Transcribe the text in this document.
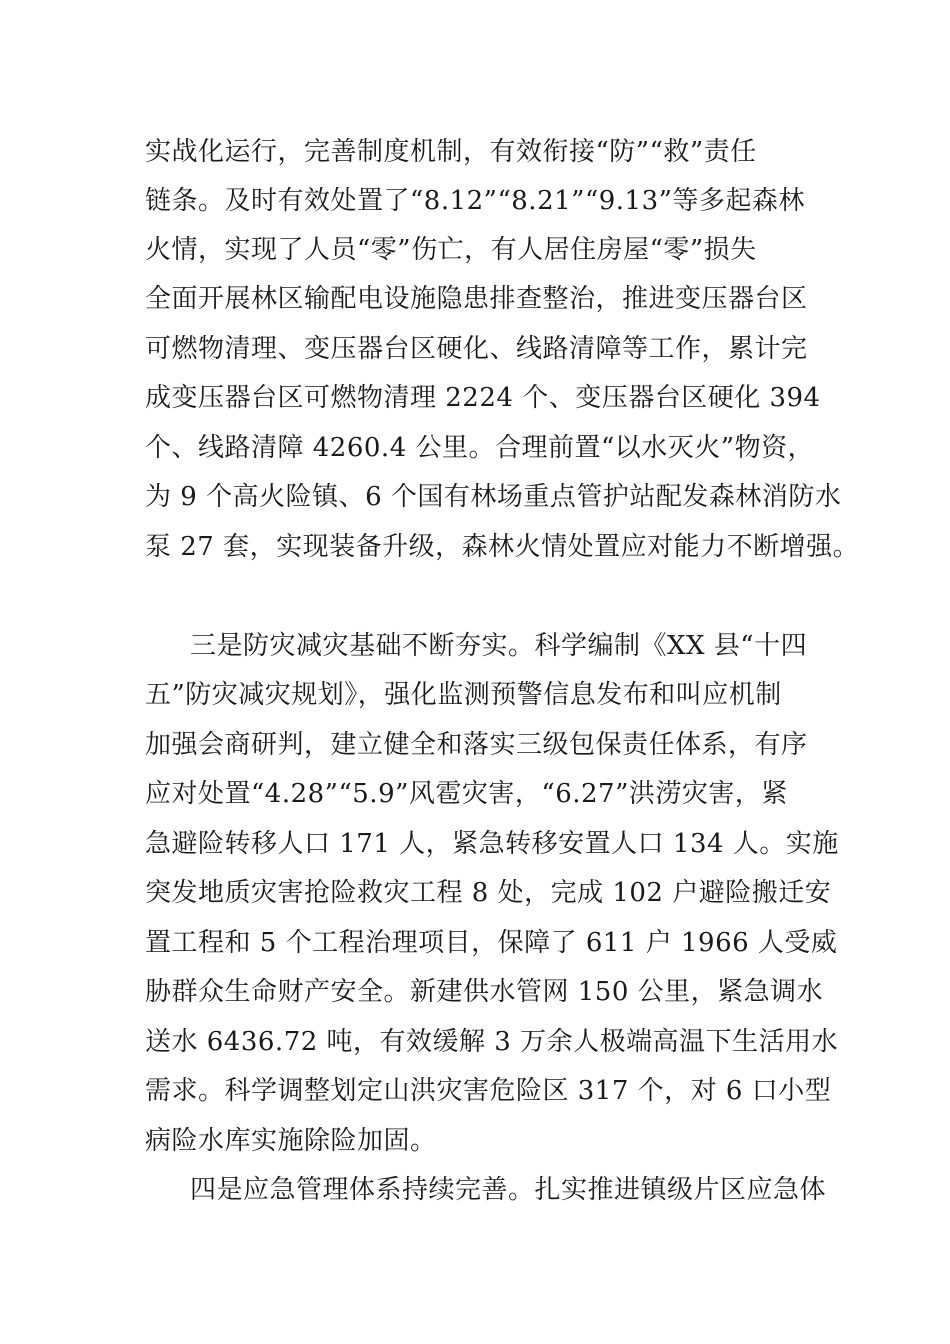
实战化运行，完善制度机制，有效衔接“防”“救”责任
链条。及时有效处置了“8.12”“8.21”“9.13”等多起森林
火情，实现了人员“零”伤亡，有人居住房屋“零”损失
全面开展林区输配电设施隐患排查整治，推进变压器台区
可燃物清理、变压器台区硬化、线路清障等工作，累计完
成变压器台区可燃物清理 2224 个、变压器台区硬化 394
个、线路清障 4260.4 公里。合理前置“以水灭火”物资，
为 9 个高火险镇、6 个国有林场重点管护站配发森林消防水
泵 27 套，实现装备升级，森林火情处置应对能力不断增强。
三是防灾减灾基础不断夯实。科学编制《XX 县“十四
五”防灾减灾规划》，强化监测预警信息发布和叫应机制
加强会商研判，建立健全和落实三级包保责任体系，有序
应对处置“4.28”“5.9”风雹灾害，“6.27”洪涝灾害，紧
急避险转移人口 171 人，紧急转移安置人口 134 人。实施
突发地质灾害抢险救灾工程 8 处，完成 102 户避险搬迁安
置工程和 5 个工程治理项目，保障了 611 户 1966 人受威
胁群众生命财产安全。新建供水管网 150 公里，紧急调水
送水 6436.72 吨，有效缓解 3 万余人极端高温下生活用水
需求。科学调整划定山洪灾害危险区 317 个，对 6 口小型
病险水库实施除险加固。
四是应急管理体系持续完善。扎实推进镇级片区应急体
